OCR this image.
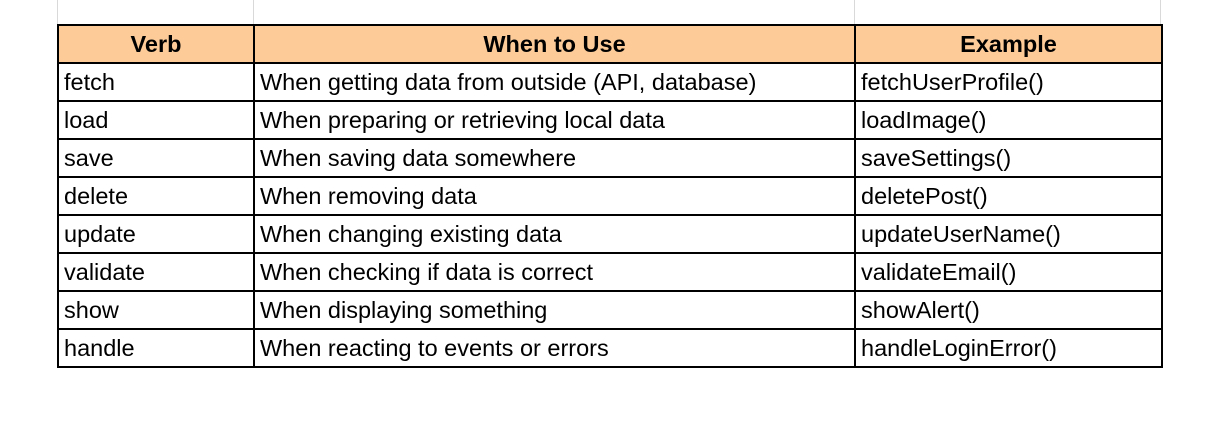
Verb	When to Use	Example
fetch	When getting data from outside (API, database)	fetchUserProfile()
load	When preparing or retrieving local data	loadImage()
save	When saving data somewhere	saveSettings()
delete	When removing data	deletePost()
update	When changing existing data	updateUserName()
validate	When checking if data is correct	validateEmail()
show	When displaying something	showAlert()
handle	When reacting to events or errors	handleLoginError()
